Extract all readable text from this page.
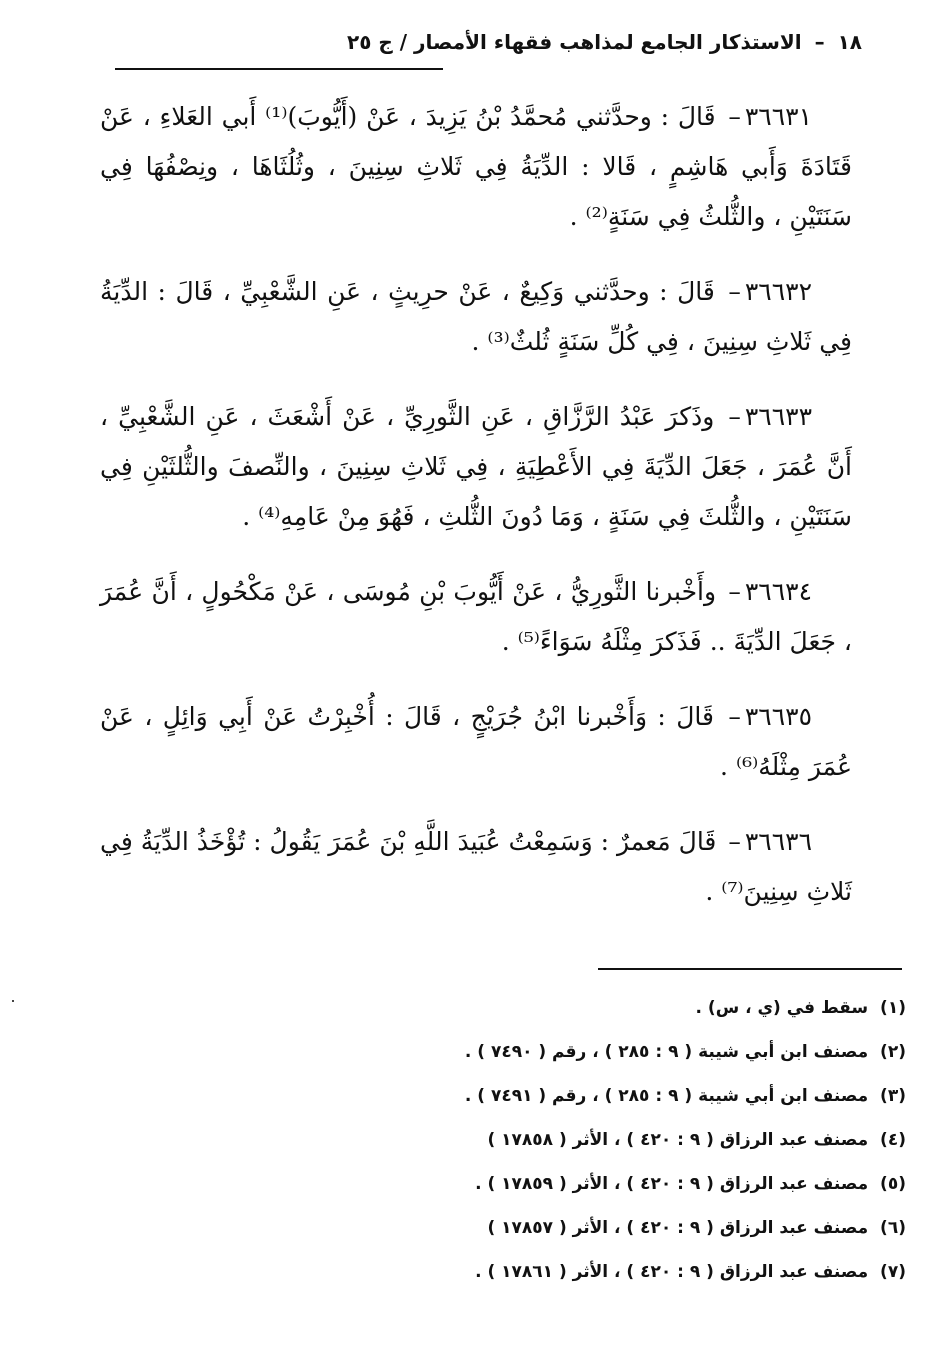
١٨ – الاستذكار الجامع لمذاهب فقهاء الأمصار / ج ٢٥

٣٦٦٣١– قَالَ : وحدَّثني مُحمَّدُ بْنُ يَزِيدَ ، عَنْ (أَيُّوبَ)⁽¹⁾ أَبي العَلاءِ ، عَنْ قَتَادَةَ وَأَبي هَاشِمٍ ، قَالا : الدِّيَةُ فِي ثَلاثِ سِنِينَ ، وثُلُثَاهَا ، ونِصْفُهَا فِي سَنَتَيْنِ ، والثُّلثُ فِي سَنَةٍ⁽²⁾ .

٣٦٦٣٢– قَالَ : وحدَّثني وَكِيعٌ ، عَنْ حرِيثٍ ، عَنِ الشَّعْبِيِّ ، قَالَ : الدِّيَةُ فِي ثَلاثِ سِنِينَ ، فِي كُلِّ سَنَةٍ ثُلثٌ⁽³⁾ .

٣٦٦٣٣– وذَكرَ عَبْدُ الرَّزَّاقِ ، عَنِ الثَّورِيِّ ، عَنْ أَشْعَثَ ، عَنِ الشَّعْبِيِّ ، أَنَّ عُمَرَ ، جَعَلَ الدِّيَةَ فِي الأَعْطِيَةِ ، فِي ثَلاثِ سِنِينَ ، والنِّصفَ والثُّلثَيْنِ فِي سَنَتَيْنِ ، والثُّلثَ فِي سَنَةٍ ، وَمَا دُونَ الثُّلثِ ، فَهُوَ مِنْ عَامِهِ⁽⁴⁾ .

٣٦٦٣٤– وأَخْبرنا الثَّورِيُّ ، عَنْ أَيُّوبَ بْنِ مُوسَى ، عَنْ مَكْحُولٍ ، أَنَّ عُمَرَ ، جَعَلَ الدِّيَةَ .. فَذَكرَ مِثْلَهُ سَوَاءً⁽⁵⁾ .

٣٦٦٣٥– قَالَ : وَأَخْبرنا ابْنُ جُرَيْجٍ ، قَالَ : أُخْبِرْتُ عَنْ أَبِي وَائِلٍ ، عَنْ عُمَرَ مِثْلَهُ⁽⁶⁾ .

٣٦٦٣٦– قَالَ مَعمرٌ : وَسَمِعْتُ عُبَيدَ اللَّهِ بْنَ عُمَرَ يَقُولُ : تُؤْخَذُ الدِّيَةُ فِي ثَلاثِ سِنِينَ⁽⁷⁾ .

(١) سقط في (ي ، س) .
(٢) مصنف ابن أبي شيبة ( ٩ : ٢٨٥ ) ، رقم ( ٧٤٩٠ ) .
(٣) مصنف ابن أبي شيبة ( ٩ : ٢٨٥ ) ، رقم ( ٧٤٩١ ) .
(٤) مصنف عبد الرزاق ( ٩ : ٤٢٠ ) ، الأثر ( ١٧٨٥٨ )
(٥) مصنف عبد الرزاق ( ٩ : ٤٢٠ ) ، الأثر ( ١٧٨٥٩ ) .
(٦) مصنف عبد الرزاق ( ٩ : ٤٢٠ ) ، الأثر ( ١٧٨٥٧ )
(٧) مصنف عبد الرزاق ( ٩ : ٤٢٠ ) ، الأثر ( ١٧٨٦١ ) .
